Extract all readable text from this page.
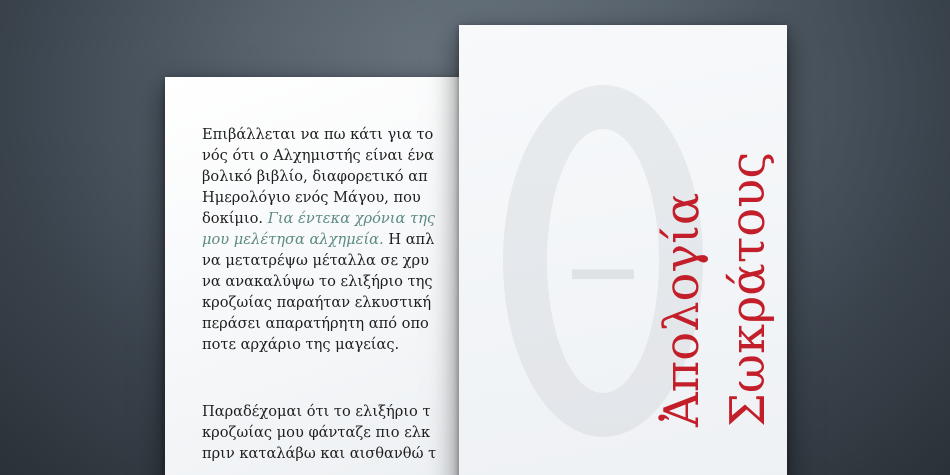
Επιβάλλεται να πω κάτι για το
νός ότι ο Αλχημιστής είναι ένα
βολικό βιβλίο, διαφορετικό απ
Ημερολόγιο ενός Μάγου, που
δοκίμιο. Για έντεκα χρόνια της
μου μελέτησα αλχημεία. Η απλ
να μετατρέψω μέταλλα σε χρυ
να ανακαλύψω το ελιξήριο της
κροζωίας παραήταν ελκυστική
περάσει απαρατήρητη από οπο
ποτε αρχάριο της μαγείας.
Παραδέχομαι ότι το ελιξήριο τ
κροζωίας μου φάνταζε πιο ελκ
πριν καταλάβω και αισθανθώ τ
– Ἀπολογία Σωκράτους
